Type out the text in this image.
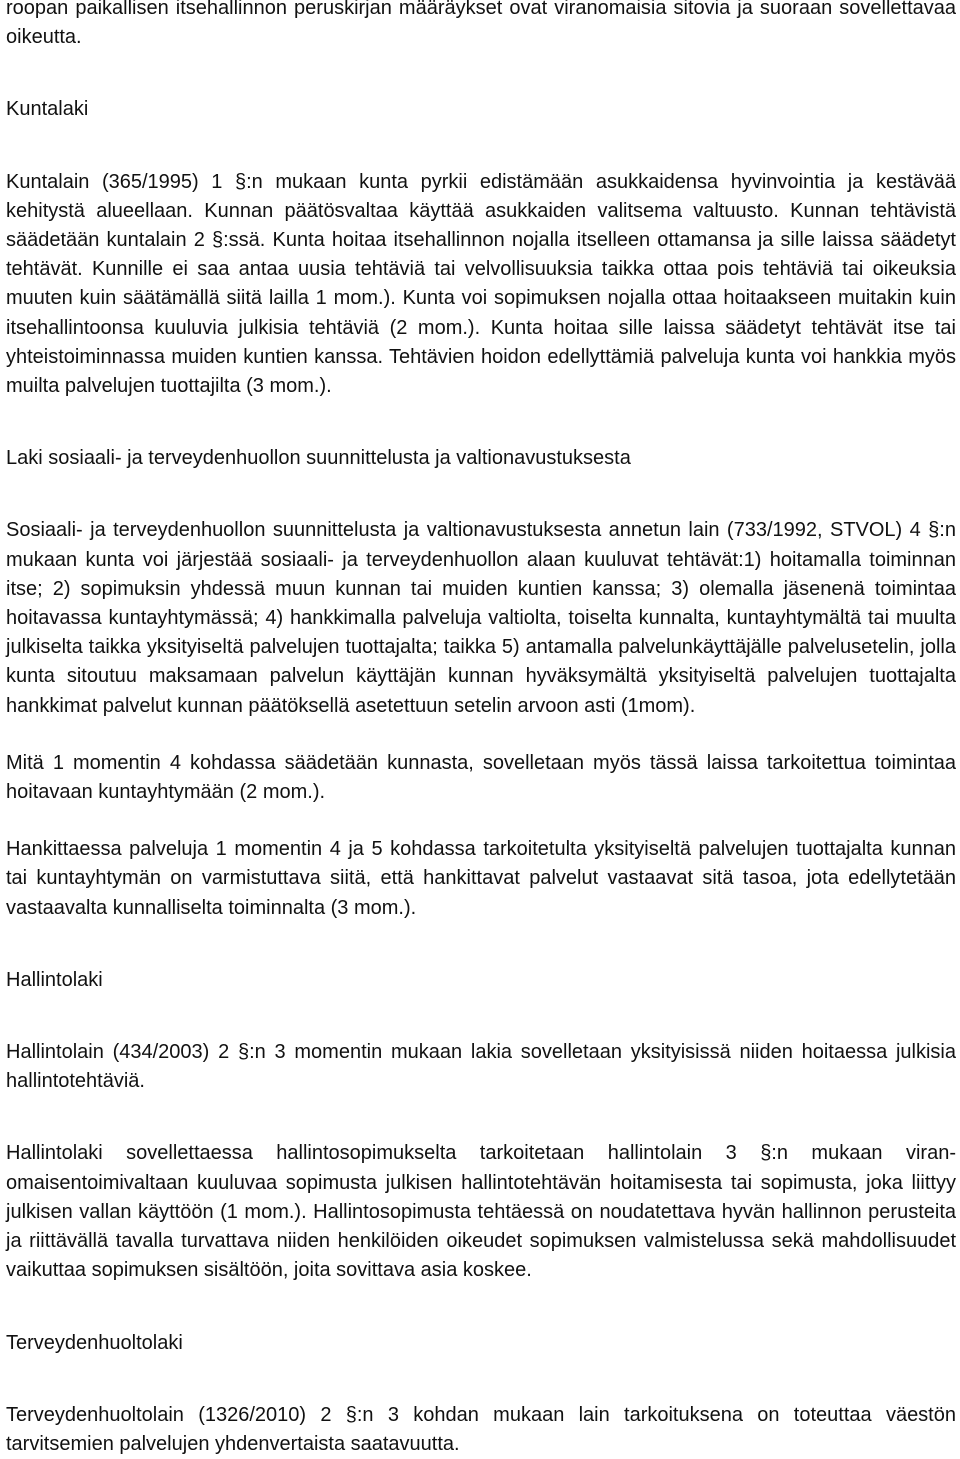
roopan paikallisen itsehallinnon peruskirjan määräykset ovat viranomaisia sitovia ja suoraan sovellettavaa oikeutta.

Kuntalaki

Kuntalain (365/1995) 1 §:n mukaan kunta pyrkii edistämään asukkaidensa hyvinvointia ja kestävää kehitystä alueellaan. Kunnan päätösvaltaa käyttää asukkaiden valitsema valtuusto. Kunnan tehtävistä säädetään kuntalain 2 §:ssä. Kunta hoitaa itsehallinnon nojalla itselleen ottamansa ja sille laissa säädetyt tehtävät. Kunnille ei saa antaa uusia tehtäviä tai velvollisuuksia taikka ottaa pois tehtäviä tai oikeuksia muuten kuin säätämällä siitä lailla 1 mom.). Kunta voi sopimuksen nojalla ottaa hoitaakseen muitakin kuin itsehallintoonsa kuuluvia julkisia tehtäviä (2 mom.). Kunta hoitaa sille laissa säädetyt tehtävät itse tai yhteistoiminnassa muiden kuntien kanssa. Tehtävien hoidon edellyttämiä palveluja kunta voi hankkia myös muilta palvelujen tuottajilta (3 mom.).

Laki sosiaali- ja terveydenhuollon suunnittelusta ja valtionavustuksesta

Sosiaali- ja terveydenhuollon suunnittelusta ja valtionavustuksesta annetun lain (733/1992, STVOL) 4 §:n mukaan kunta voi järjestää sosiaali- ja terveydenhuollon alaan kuuluvat tehtävät:1) hoitamalla toiminnan itse; 2) sopimuksin yhdessä muun kunnan tai muiden kuntien kanssa; 3) olemalla jäsenenä toimintaa hoitavassa kuntayhtymässä; 4) hankkimalla palveluja valtiolta, toiselta kunnalta, kuntayhtymältä tai muulta julkiselta taikka yksityiseltä palvelujen tuottajalta; taikka 5) antamalla palvelunkäyttäjälle palvelusetelin, jolla kunta sitoutuu maksamaan palvelun käyttäjän kunnan hyväksymältä yksityiseltä palvelujen tuottajalta hankkimat palvelut kunnan päätöksellä asetettuun setelin arvoon asti (1mom).

Mitä 1 momentin 4 kohdassa säädetään kunnasta, sovelletaan myös tässä laissa tarkoitettua toimintaa hoitavaan kuntayhtymään (2 mom.).

Hankittaessa palveluja 1 momentin 4 ja 5 kohdassa tarkoitetulta yksityiseltä palvelujen tuottajalta kunnan tai kuntayhtymän on varmistuttava siitä, että hankittavat palvelut vastaavat sitä tasoa, jota edellytetään vastaavalta kunnalliselta toiminnalta (3 mom.).

Hallintolaki

Hallintolain (434/2003) 2 §:n 3 momentin mukaan lakia sovelletaan yksityisissä niiden hoitaessa julkisia hallintotehtäviä.

Hallintolaki sovellettaessa hallintosopimukselta tarkoitetaan hallintolain 3 §:n mukaan viranomaisentoimivaltaan kuuluvaa sopimusta julkisen hallintotehtävän hoitamisesta tai sopimusta, joka liittyy julkisen vallan käyttöön (1 mom.). Hallintosopimusta tehtäessä on noudatettava hyvän hallinnon perusteita ja riittävällä tavalla turvattava niiden henkilöiden oikeudet sopimuksen valmistelussa sekä mahdollisuudet vaikuttaa sopimuksen sisältöön, joita sovittava asia koskee.

Terveydenhuoltolaki

Terveydenhuoltolain (1326/2010) 2 §:n 3 kohdan mukaan lain tarkoituksena on toteuttaa väestön tarvitsemien palvelujen yhdenvertaista saatavuutta.
